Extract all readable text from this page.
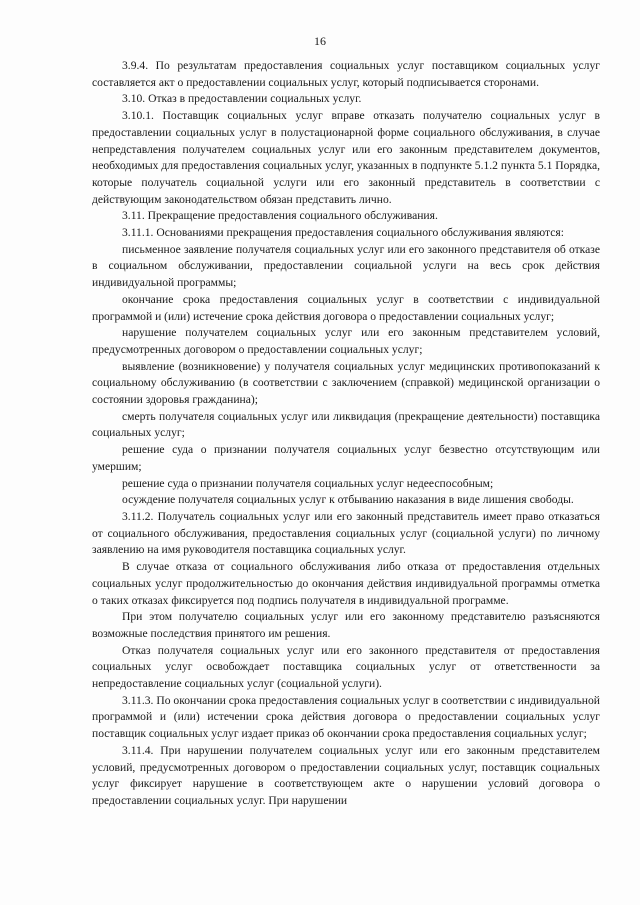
16

3.9.4. По результатам предоставления социальных услуг поставщиком социальных услуг составляется акт о предоставлении социальных услуг, который подписывается сторонами.

3.10. Отказ в предоставлении социальных услуг.

3.10.1. Поставщик социальных услуг вправе отказать получателю социальных услуг в предоставлении социальных услуг в полустационарной форме социального обслуживания, в случае непредставления получателем социальных услуг или его законным представителем документов, необходимых для предоставления социальных услуг, указанных в подпункте 5.1.2 пункта 5.1 Порядка, которые получатель социальной услуги или его законный представитель в соответствии с действующим законодательством обязан представить лично.

3.11. Прекращение предоставления социального обслуживания.

3.11.1. Основаниями прекращения предоставления социального обслуживания являются:

письменное заявление получателя социальных услуг или его законного представителя об отказе в социальном обслуживании, предоставлении социальной услуги на весь срок действия индивидуальной программы;

окончание срока предоставления социальных услуг в соответствии с индивидуальной программой и (или) истечение срока действия договора о предоставлении социальных услуг;

нарушение получателем социальных услуг или его законным представителем условий, предусмотренных договором о предоставлении социальных услуг;

выявление (возникновение) у получателя социальных услуг медицинских противопоказаний к социальному обслуживанию (в соответствии с заключением (справкой) медицинской организации о состоянии здоровья гражданина);

смерть получателя социальных услуг или ликвидация (прекращение деятельности) поставщика социальных услуг;

решение суда о признании получателя социальных услуг безвестно отсутствующим или умершим;

решение суда о признании получателя социальных услуг недееспособным;

осуждение получателя социальных услуг к отбыванию наказания в виде лишения свободы.

3.11.2. Получатель социальных услуг или его законный представитель имеет право отказаться от социального обслуживания, предоставления социальных услуг (социальной услуги) по личному заявлению на имя руководителя поставщика социальных услуг.

В случае отказа от социального обслуживания либо отказа от предоставления отдельных социальных услуг продолжительностью до окончания действия индивидуальной программы отметка о таких отказах фиксируется под подпись получателя в индивидуальной программе.

При этом получателю социальных услуг или его законному представителю разъясняются возможные последствия принятого им решения.

Отказ получателя социальных услуг или его законного представителя от предоставления социальных услуг освобождает поставщика социальных услуг от ответственности за непредоставление социальных услуг (социальной услуги).

3.11.3. По окончании срока предоставления социальных услуг в соответствии с индивидуальной программой и (или) истечении срока действия договора о предоставлении социальных услуг поставщик социальных услуг издает приказ об окончании срока предоставления социальных услуг;

3.11.4. При нарушении получателем социальных услуг или его законным представителем условий, предусмотренных договором о предоставлении социальных услуг, поставщик социальных услуг фиксирует нарушение в соответствующем акте о нарушении условий договора о предоставлении социальных услуг. При нарушении
